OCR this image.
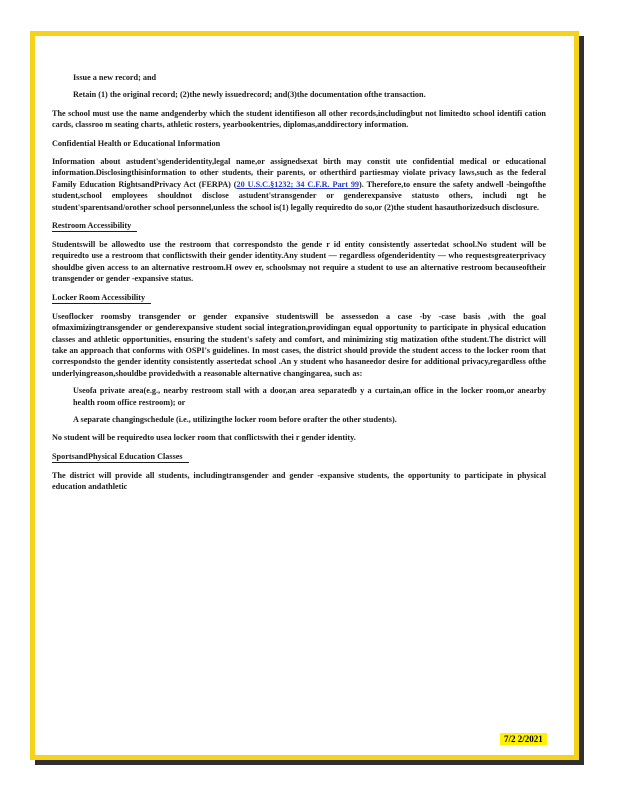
Issue a new record; and

Retain (1) the original record; (2)the newly issuedrecord; and(3)the documentation ofthe transaction.

The school must use the name andgenderby which the student identifieson all other records,includingbut not limitedto school identifi cation cards, classroo m seating charts, athletic rosters, yearbookentries, diplomas,anddirectory information.

Confidential Health or Educational Information

Information about astudent'sgenderidentity,legal name,or assignedsexat birth may constit ute confidential medical or educational information.Disclosingthisinformation to other students, their parents, or otherthird partiesmay violate privacy laws,such as the federal Family Education RightsandPrivacy Act (FERPA) (20 U.S.C.§1232; 34 C.F.R. Part 99). Therefore,to ensure the safety andwell -beingofthe student,school employees shouldnot disclose astudent'stransgender or genderexpansive statusto others, includi ngt he student'sparentsand/orother school personnel,unless the school is(1) legally requiredto do so,or (2)the student hasauthorizedsuch disclosure.

Restroom Accessibility

Studentswill be allowedto use the restroom that correspondsto the gende r id entity consistently assertedat school.No student will be requiredto use a restroom that conflictswith their gender identity.Any student — regardless ofgenderidentity — who requestsgreaterprivacy shouldbe given access to an alternative restroom.H owev er, schoolsmay not require a student to use an alternative restroom becauseoftheir transgender or gender -expansive status.

Locker Room Accessibility

Useoflocker roomsby transgender or gender expansive studentswill be assessedon a case -by -case basis ,with the goal ofmaximizingtransgender or genderexpansive student social integration,providingan equal opportunity to participate in physical education classes and athletic opportunities, ensuring the student's safety and comfort, and minimizing stig matization ofthe student.The district will take an approach that conforms with OSPI's guidelines. In most cases, the district should provide the student access to the locker room that correspondsto the gender identity consistently assertedat school .An y student who hasaneedor desire for additional privacy,regardless ofthe underlyingreason,shouldbe providedwith a reasonable alternative changingarea, such as:

Useofa private area(e.g., nearby restroom stall with a door,an area separatedb y a curtain,an office in the locker room,or anearby health room office restroom); or

A separate changingschedule (i.e., utilizingthe locker room before orafter the other students).

No student will be requiredto usea locker room that conflictswith thei r gender identity.

SportsandPhysical Education Classes

The district will provide all students, includingtransgender and gender -expansive students, the opportunity to participate in physical education andathletic

7/2 2/2021
